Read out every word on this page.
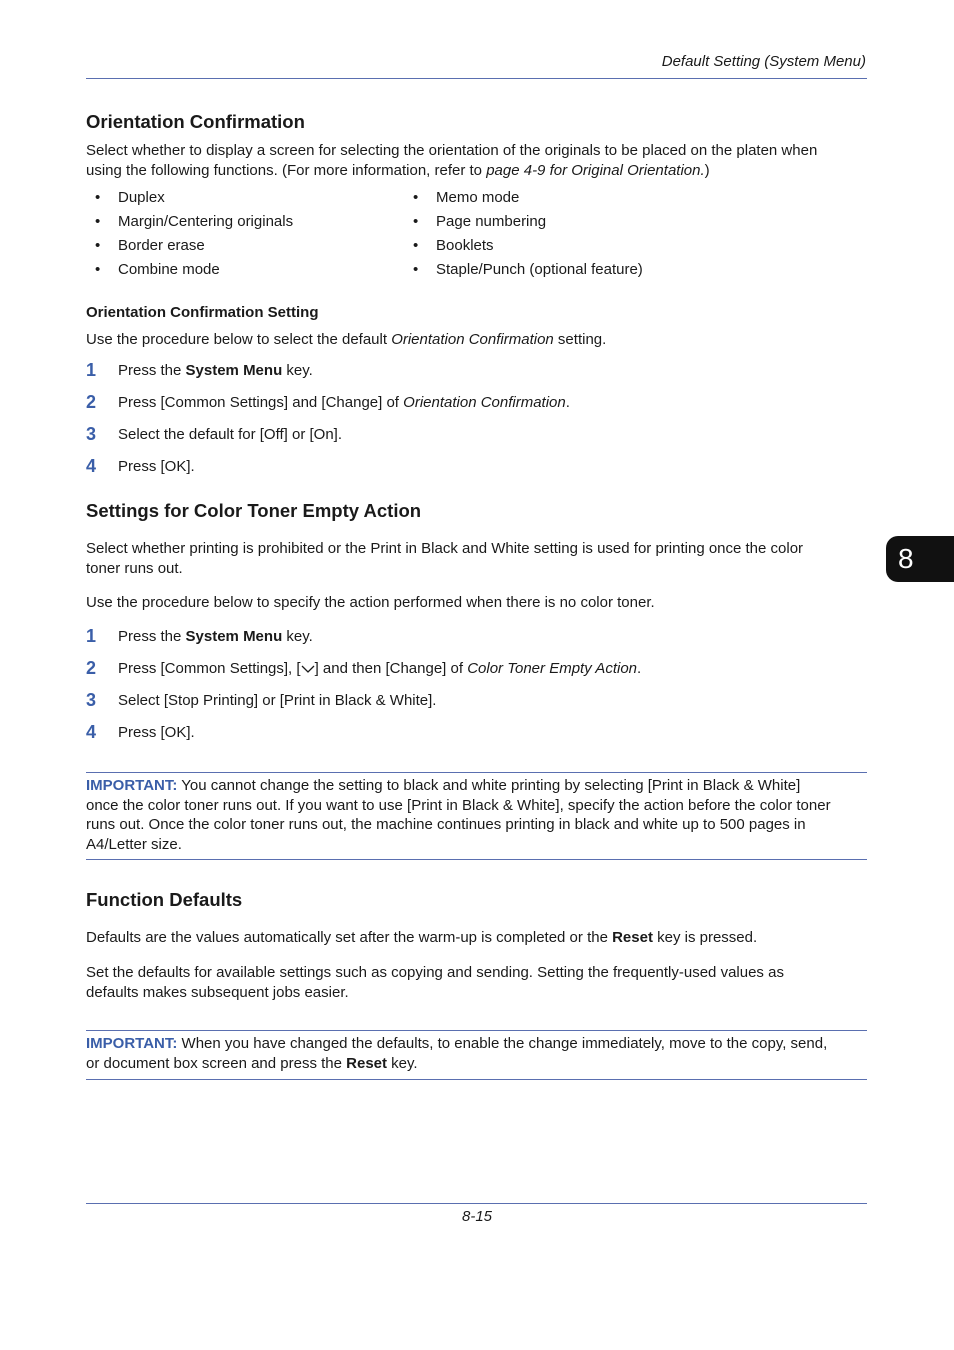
Default Setting (System Menu)
Orientation Confirmation
Select whether to display a screen for selecting the orientation of the originals to be placed on the platen when
using the following functions. (For more information, refer to page 4-9 for Original Orientation.)
• Duplex
• Margin/Centering originals
• Border erase
• Combine mode
• Memo mode
• Page numbering
• Booklets
• Staple/Punch (optional feature)
Orientation Confirmation Setting
Use the procedure below to select the default Orientation Confirmation setting.
1 Press the System Menu key.
2 Press [Common Settings] and [Change] of Orientation Confirmation.
3 Select the default for [Off] or [On].
4 Press [OK].
Settings for Color Toner Empty Action
Select whether printing is prohibited or the Print in Black and White setting is used for printing once the color
toner runs out.
Use the procedure below to specify the action performed when there is no color toner.
1 Press the System Menu key.
2 Press [Common Settings], [ ] and then [Change] of Color Toner Empty Action.
3 Select [Stop Printing] or [Print in Black & White].
4 Press [OK].
IMPORTANT: You cannot change the setting to black and white printing by selecting [Print in Black & White]
once the color toner runs out. If you want to use [Print in Black & White], specify the action before the color toner
runs out. Once the color toner runs out, the machine continues printing in black and white up to 500 pages in
A4/Letter size.
Function Defaults
Defaults are the values automatically set after the warm-up is completed or the Reset key is pressed.
Set the defaults for available settings such as copying and sending. Setting the frequently-used values as
defaults makes subsequent jobs easier.
IMPORTANT: When you have changed the defaults, to enable the change immediately, move to the copy, send,
or document box screen and press the Reset key.
8
8-15
